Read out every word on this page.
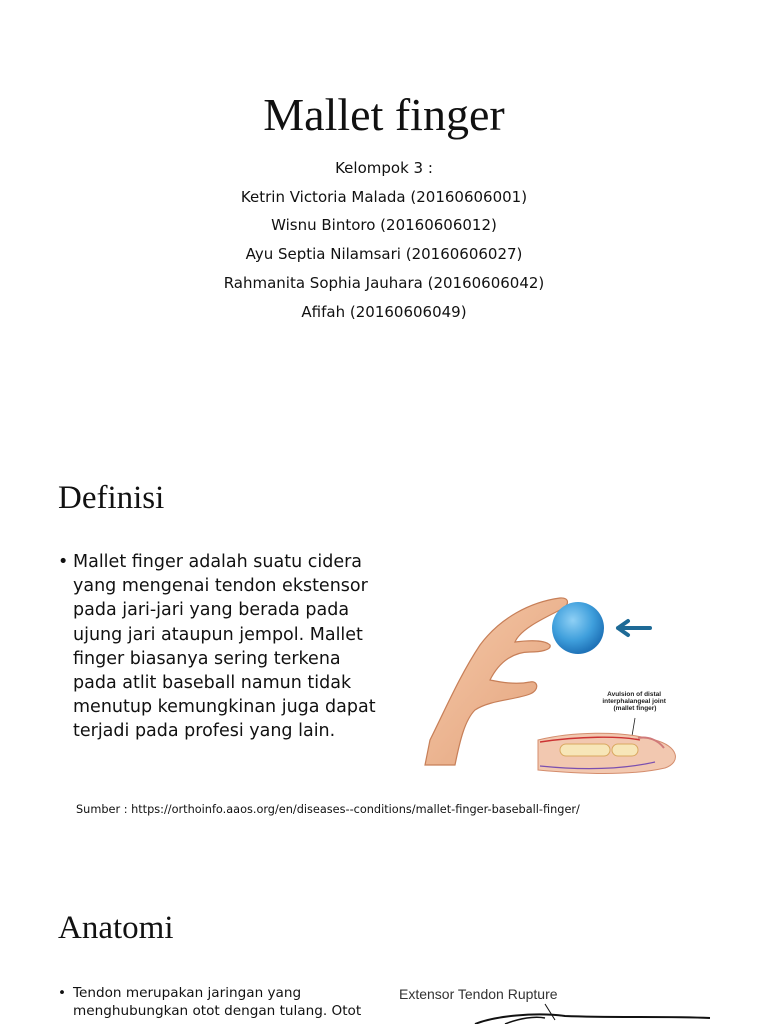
Mallet finger
Kelompok 3 :
Ketrin Victoria Malada (20160606001)
Wisnu Bintoro (20160606012)
Ayu Septia Nilamsari (20160606027)
Rahmanita Sophia Jauhara (20160606042)
Afifah (20160606049)
Definisi
• Mallet finger adalah suatu cidera yang mengenai tendon ekstensor pada jari-jari yang berada pada ujung jari ataupun jempol. Mallet finger biasanya sering terkena pada atlit baseball namun tidak menutup kemungkinan juga dapat terjadi pada profesi yang lain.
Avulsion of distal interphalangeal joint (mallet finger)
Sumber : https://orthoinfo.aaos.org/en/diseases--conditions/mallet-finger-baseball-finger/
Anatomi
• Tendon merupakan jaringan yang menghubungkan otot dengan tulang. Otot
Extensor Tendon Rupture
